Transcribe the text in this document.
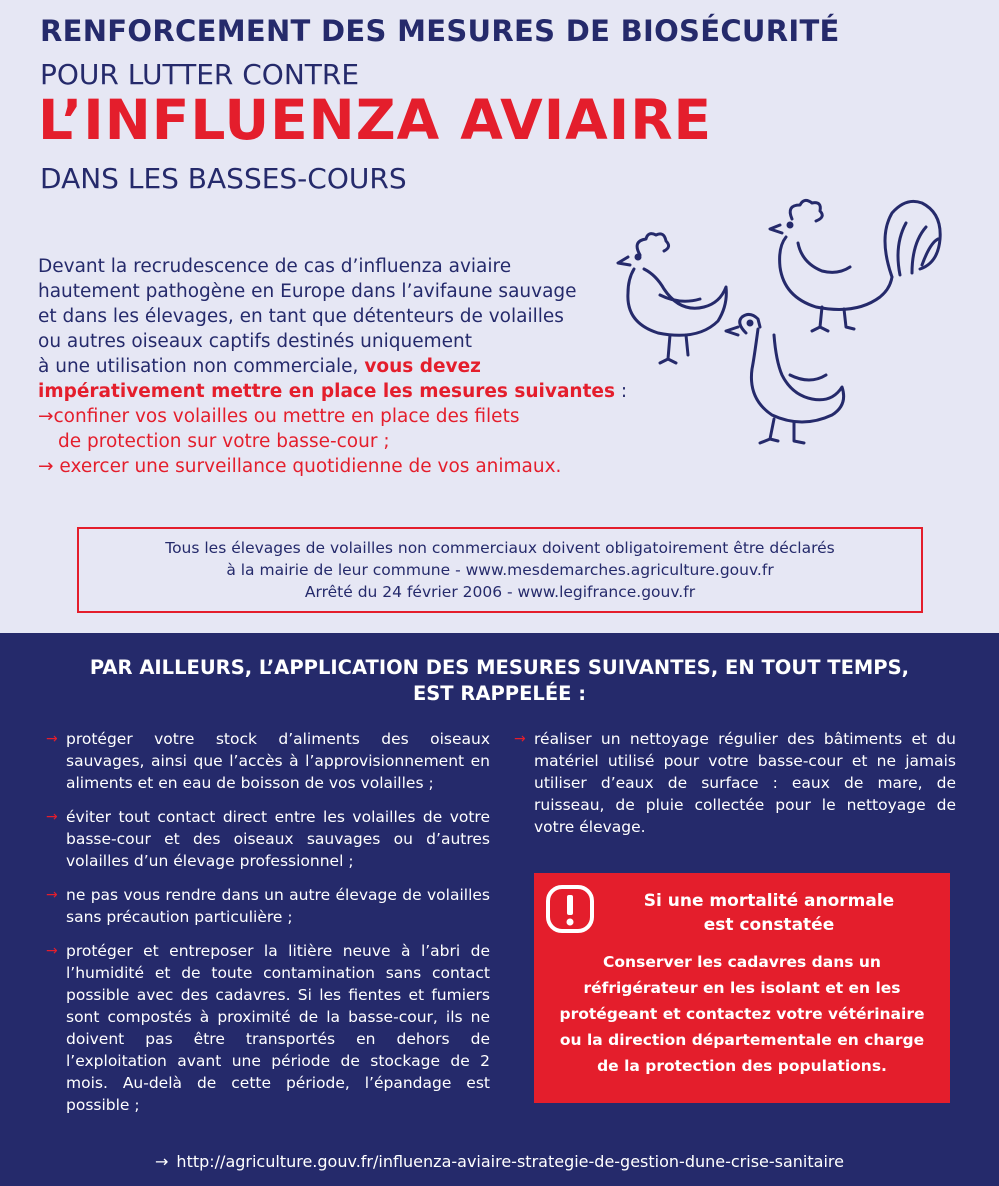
RENFORCEMENT DES MESURES DE BIOSÉCURITÉ
POUR LUTTER CONTRE
L’INFLUENZA AVIAIRE
DANS LES BASSES-COURS
Devant la recrudescence de cas d’influenza aviaire
hautement pathogène en Europe dans l’avifaune sauvage
et dans les élevages, en tant que détenteurs de volailles
ou autres oiseaux captifs destinés uniquement
à une utilisation non commerciale, vous devez
impérativement mettre en place les mesures suivantes :
→confiner vos volailles ou mettre en place des filets
de protection sur votre basse-cour ;
→ exercer une surveillance quotidienne de vos animaux.
Tous les élevages de volailles non commerciaux doivent obligatoirement être déclarés
à la mairie de leur commune - www.mesdemarches.agriculture.gouv.fr
Arrêté du 24 février 2006 - www.legifrance.gouv.fr
PAR AILLEURS, L’APPLICATION DES MESURES SUIVANTES, EN TOUT TEMPS,
EST RAPPELÉE :
→ protéger votre stock d’aliments des oiseaux sauvages, ainsi que l’accès à l’approvisionnement en aliments et en eau de boisson de vos volailles ;
→ éviter tout contact direct entre les volailles de votre basse-cour et des oiseaux sauvages ou d’autres volailles d’un élevage professionnel ;
→ ne pas vous rendre dans un autre élevage de volailles sans précaution particulière ;
→ protéger et entreposer la litière neuve à l’abri de l’humidité et de toute contamination sans contact possible avec des cadavres. Si les fientes et fumiers sont compostés à proximité de la basse-cour, ils ne doivent pas être transportés en dehors de l’exploitation avant une période de stockage de 2 mois. Au-delà de cette période, l’épandage est possible ;
→ réaliser un nettoyage régulier des bâtiments et du matériel utilisé pour votre basse-cour et ne jamais utiliser d’eaux de surface : eaux de mare, de ruisseau, de pluie collectée pour le nettoyage de votre élevage.
Si une mortalité anormale
est constatée
Conserver les cadavres dans un
réfrigérateur en les isolant et en les
protégeant et contactez votre vétérinaire
ou la direction départementale en charge
de la protection des populations.
→ http://agriculture.gouv.fr/influenza-aviaire-strategie-de-gestion-dune-crise-sanitaire
